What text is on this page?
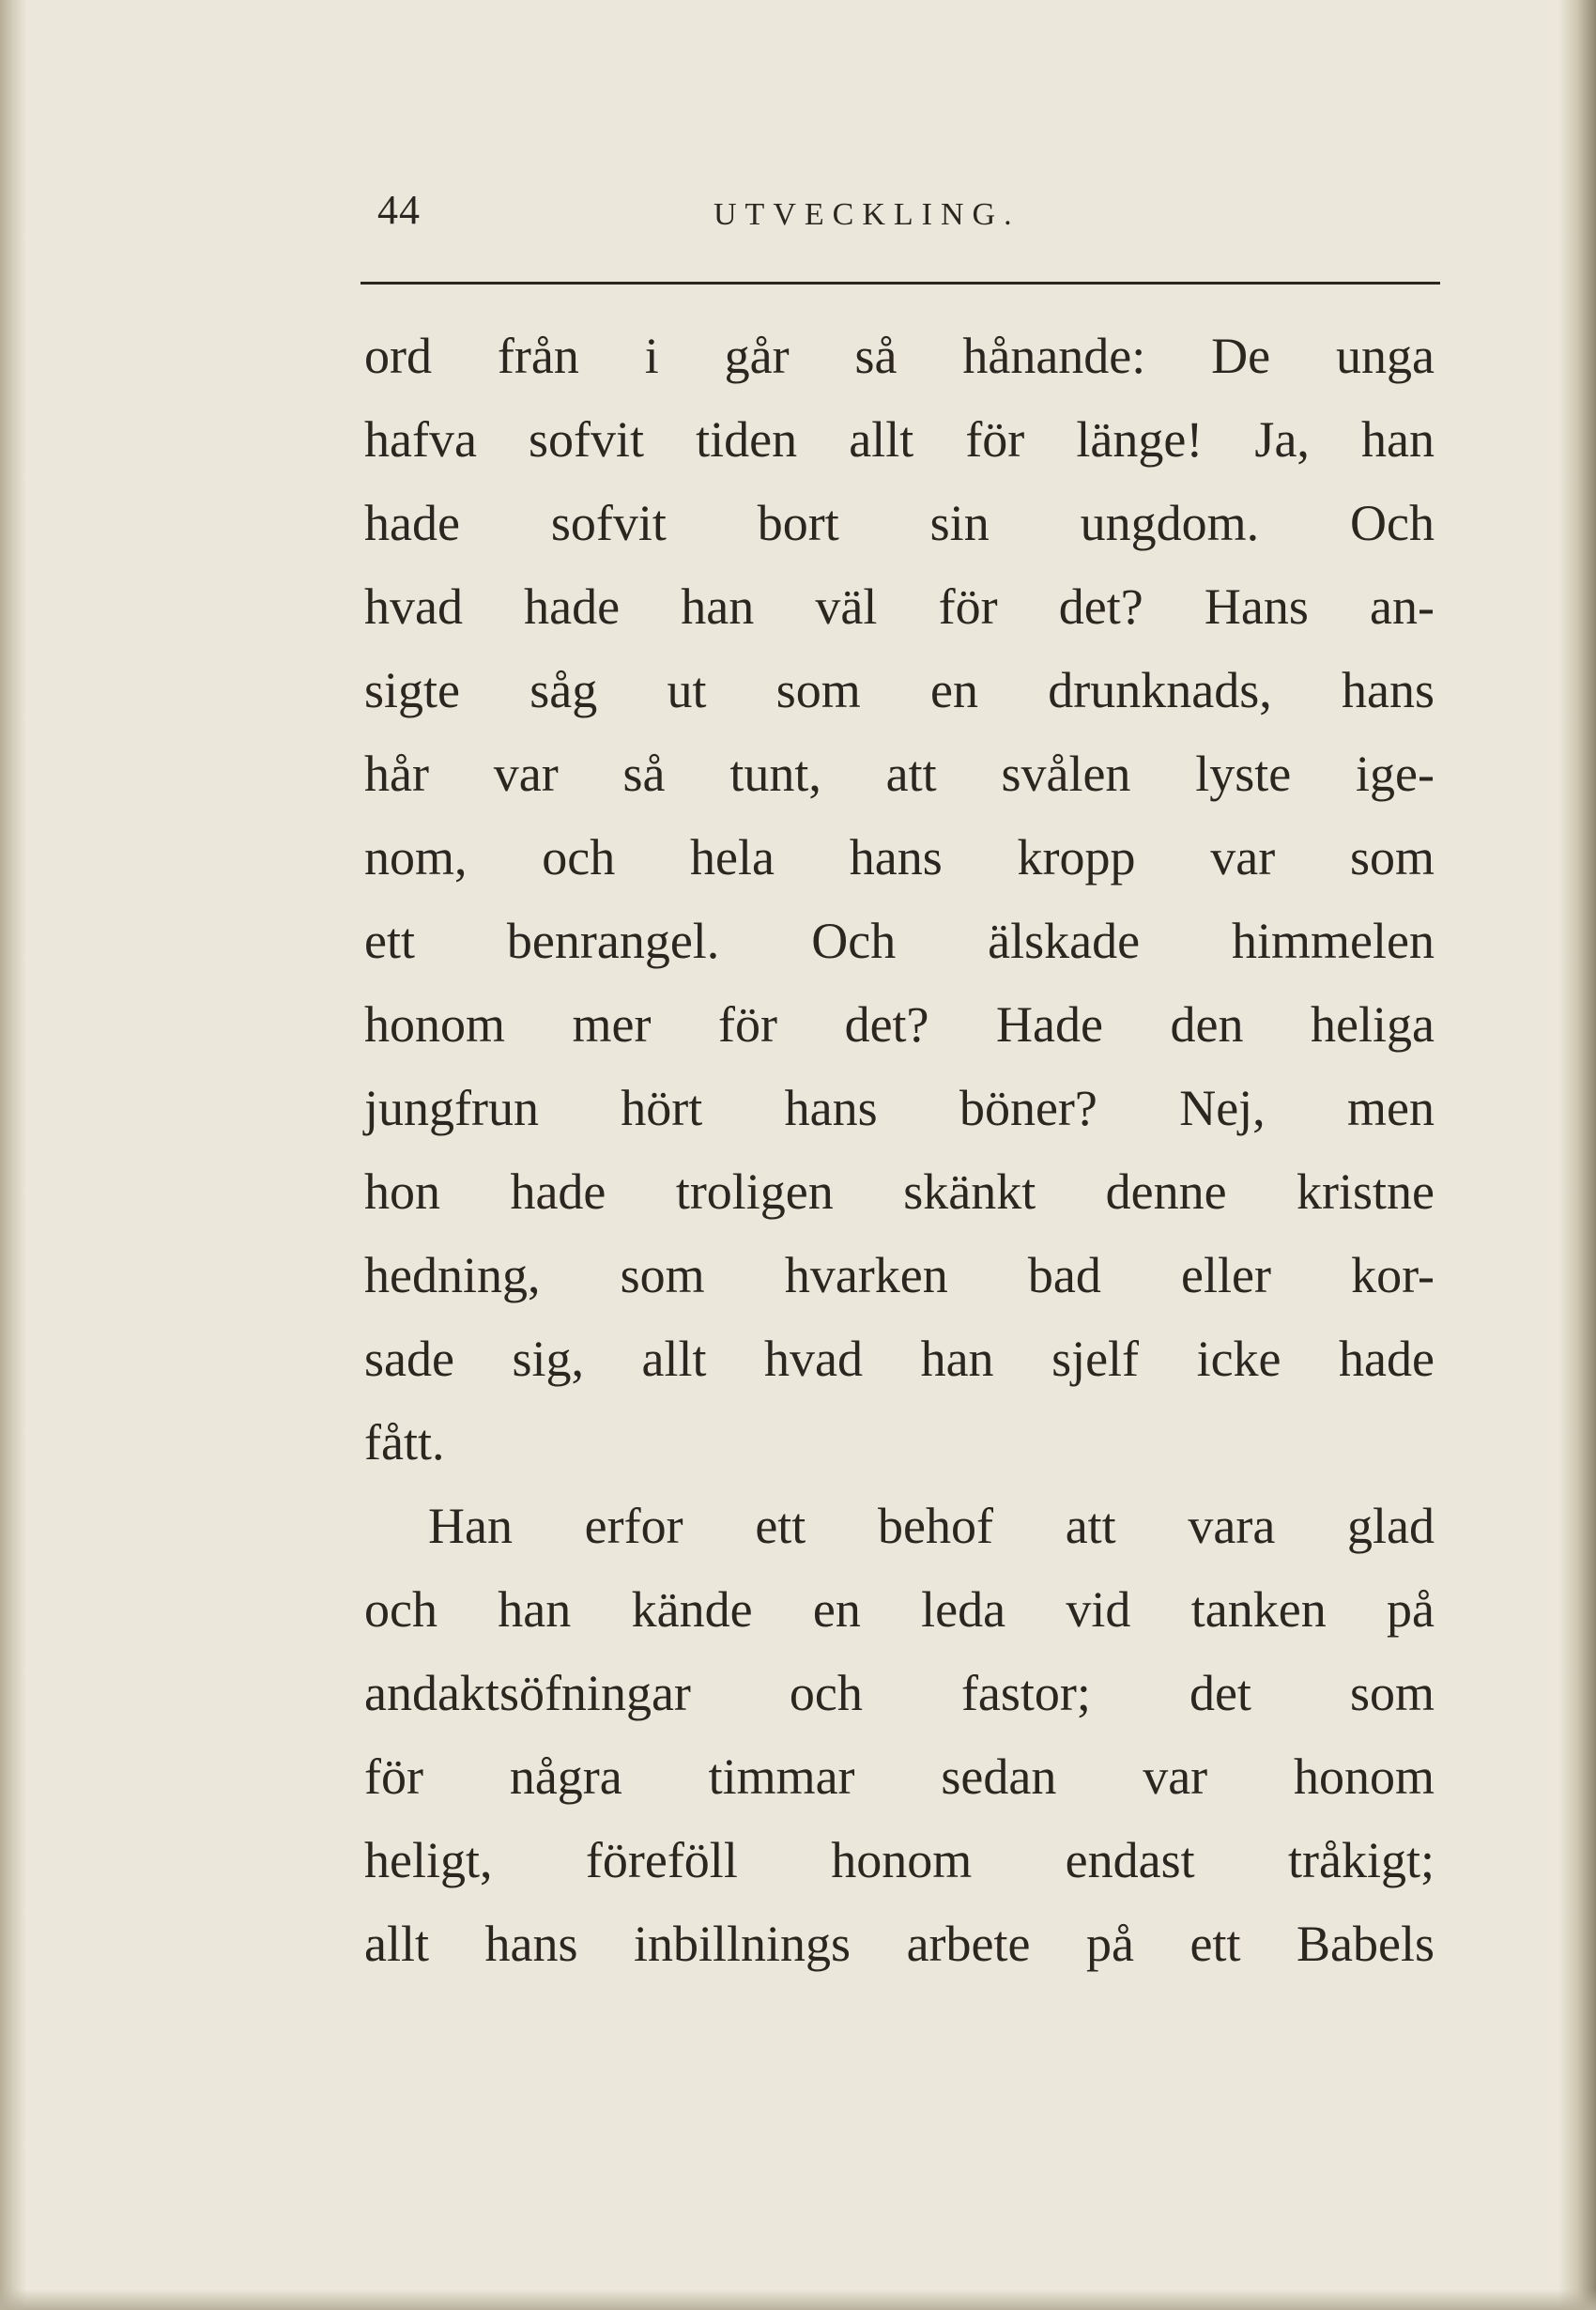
44	UTVECKLING.
ord från i går så hånande: De unga
hafva sofvit tiden allt för länge! Ja, han
hade sofvit bort sin ungdom. Och
hvad hade han väl för det? Hans an-
sigte såg ut som en drunknads, hans
hår var så tunt, att svålen lyste ige-
nom, och hela hans kropp var som
ett benrangel. Och älskade himmelen
honom mer för det? Hade den heliga
jungfrun hört hans böner? Nej, men
hon hade troligen skänkt denne kristne
hedning, som hvarken bad eller kor-
sade sig, allt hvad han sjelf icke hade
fått.
Han erfor ett behof att vara glad
och han kände en leda vid tanken på
andaktsöfningar och fastor; det som
för några timmar sedan var honom
heligt, föreföll honom endast tråkigt;
allt hans inbillnings arbete på ett Babels
